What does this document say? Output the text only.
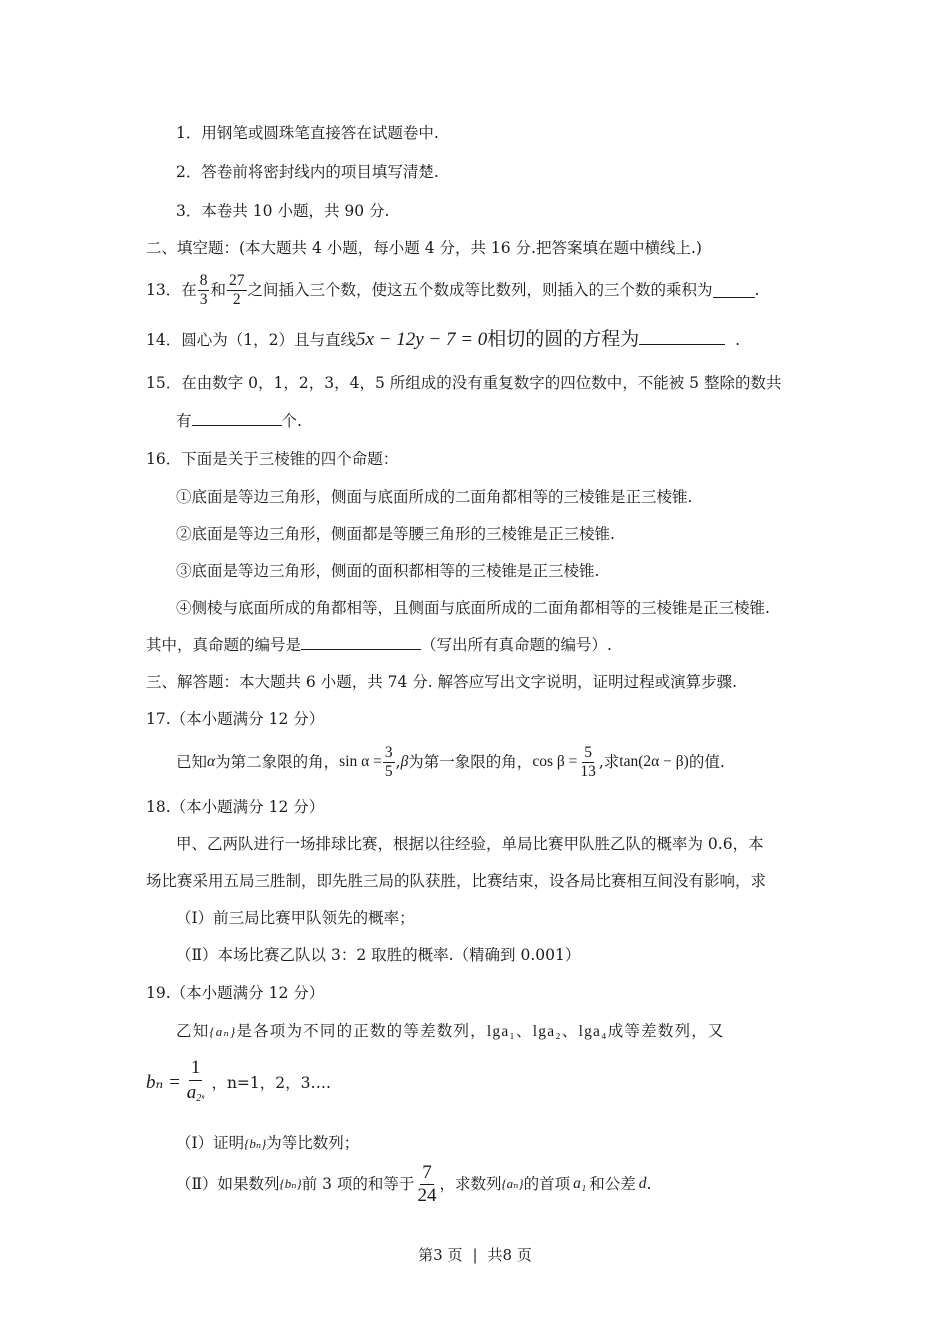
1．用钢笔或圆珠笔直接答在试题卷中.
2．答卷前将密封线内的项目填写清楚.
3．本卷共 10 小题，共 90 分.
二、填空题：(本大题共 4 小题，每小题 4 分，共 16 分.把答案填在题中横线上.)
13．在 $\frac{8}{3}$ 和 $\frac{27}{2}$ 之间插入三个数，使这五个数成等比数列，则插入的三个数的乘积为	.
14．圆心为（1，2）且与直线5x − 12y − 7 = 0相切的圆的方程为	.
15．在由数字 0，1，2，3，4，5 所组成的没有重复数字的四位数中，不能被 5 整除的数共
有	个.
16．下面是关于三棱锥的四个命题：
①底面是等边三角形，侧面与底面所成的二面角都相等的三棱锥是正三棱锥.
②底面是等边三角形，侧面都是等腰三角形的三棱锥是正三棱锥.
③底面是等边三角形，侧面的面积都相等的三棱锥是正三棱锥.
④侧棱与底面所成的角都相等，且侧面与底面所成的二面角都相等的三棱锥是正三棱锥.
其中，真命题的编号是	（写出所有真命题的编号）.
三、解答题：本大题共 6 小题，共 74 分. 解答应写出文字说明，证明过程或演算步骤.
17.（本小题满分 12 分）
已知 α 为第二象限的角， $\sin \alpha = \frac{3}{5}$ , β 为第一象限的角， $\cos \beta = \frac{5}{13}$ ,求 tan(2α − β) 的值.
18.（本小题满分 12 分）
甲、乙两队进行一场排球比赛，根据以往经验，单局比赛甲队胜乙队的概率为 0.6，本
场比赛采用五局三胜制，即先胜三局的队获胜，比赛结束，设各局比赛相互间没有影响，求
（Ⅰ）前三局比赛甲队领先的概率；
（Ⅱ）本场比赛乙队以 3：2 取胜的概率.（精确到 0.001）
19.（本小题满分 12 分）
乙知{aₙ}是各项为不同的正数的等差数列，lga₁、lga₂、lga₄成等差数列，又
$b_n = \frac{1}{\text{a2ⁿ}}$ ，n=1，2，3….
（Ⅰ）证明{bₙ}为等比数列；
（Ⅱ）如果数列 {bₙ} 前 3 项的和等于 $\frac{7}{24}$ ，求数列 {aₙ} 的首项 a₁ 和公差 d .
第3 页 | 共8 页
